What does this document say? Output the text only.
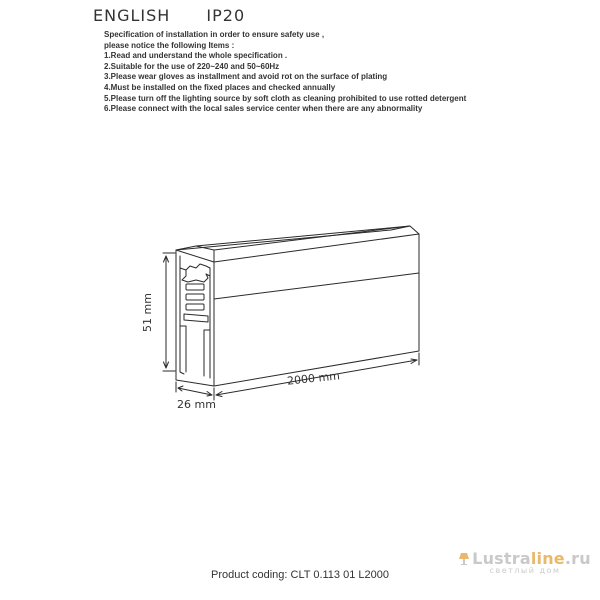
ENGLISH IP20
Specification of installation in order to ensure safety use ,
please notice the following Items :
1.Read and understand the whole specification .
2.Suitable for the use of 220~240 and 50~60Hz
3.Please wear gloves as installment and avoid rot on the surface of plating
4.Must be installed on the fixed places and checked annually
5.Please turn off the lighting source by soft cloth as cleaning prohibited to use rotted detergent
6.Please connect with the local sales service center when there are any abnormality
51 mm
2000 mm
26 mm
Lustraline.ru
светлый дом
Product coding: CLT 0.113 01 L2000
